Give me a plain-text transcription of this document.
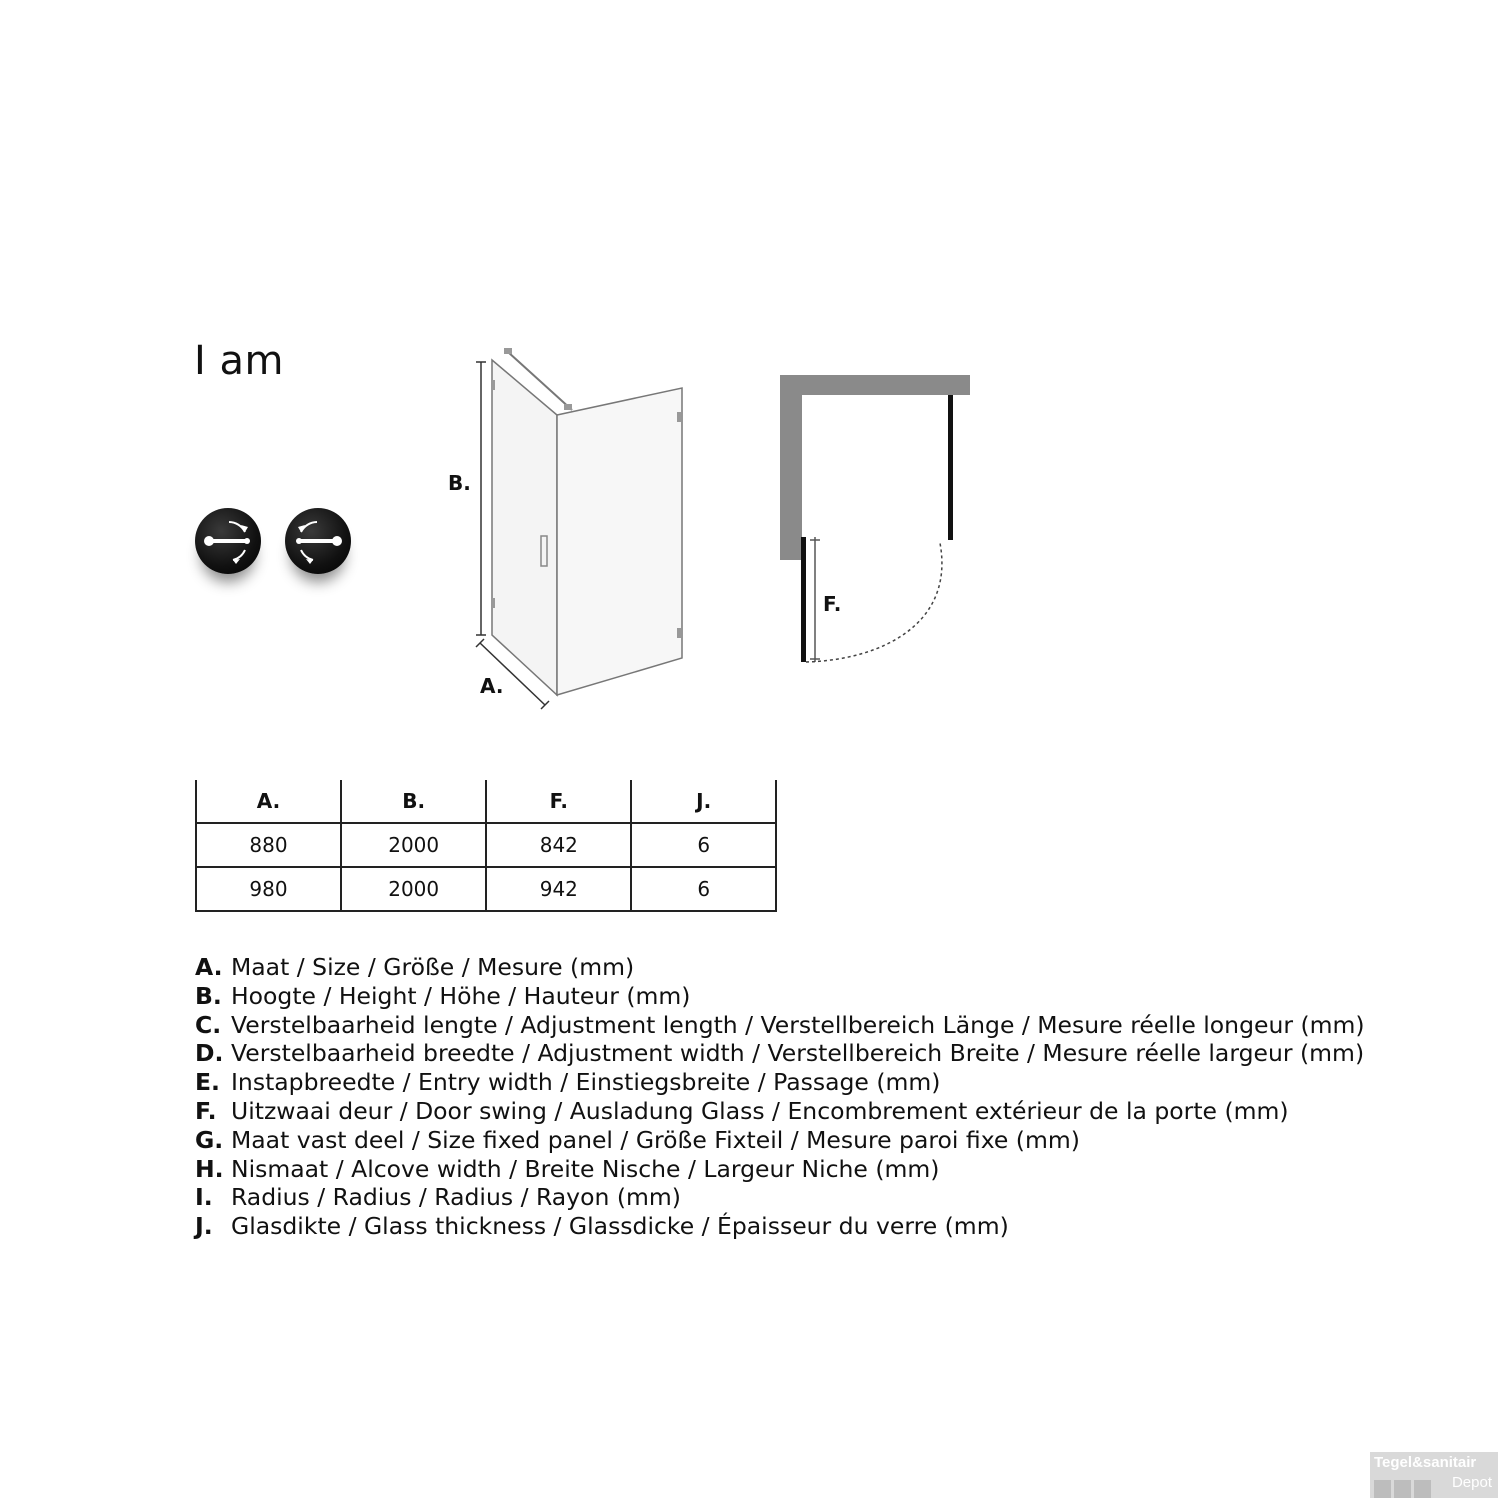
I am
B.
A.
F.
A.	B.	F.	J.
880	2000	842	6
980	2000	942	6
A. Maat / Size / Größe / Mesure (mm)
B. Hoogte / Height / Höhe / Hauteur (mm)
C. Verstelbaarheid lengte / Adjustment length / Verstellbereich Länge / Mesure réelle longeur (mm)
D. Verstelbaarheid breedte / Adjustment width / Verstellbereich Breite / Mesure réelle largeur (mm)
E. Instapbreedte / Entry width / Einstiegsbreite / Passage (mm)
F. Uitzwaai deur / Door swing / Ausladung Glass / Encombrement extérieur de la porte (mm)
G. Maat vast deel / Size fixed panel / Größe Fixteil / Mesure paroi fixe (mm)
H. Nismaat / Alcove width / Breite Nische / Largeur Niche (mm)
I. Radius / Radius / Radius / Rayon (mm)
J. Glasdikte / Glass thickness / Glassdicke / Épaisseur du verre (mm)
Tegel&sanitair
Depot
